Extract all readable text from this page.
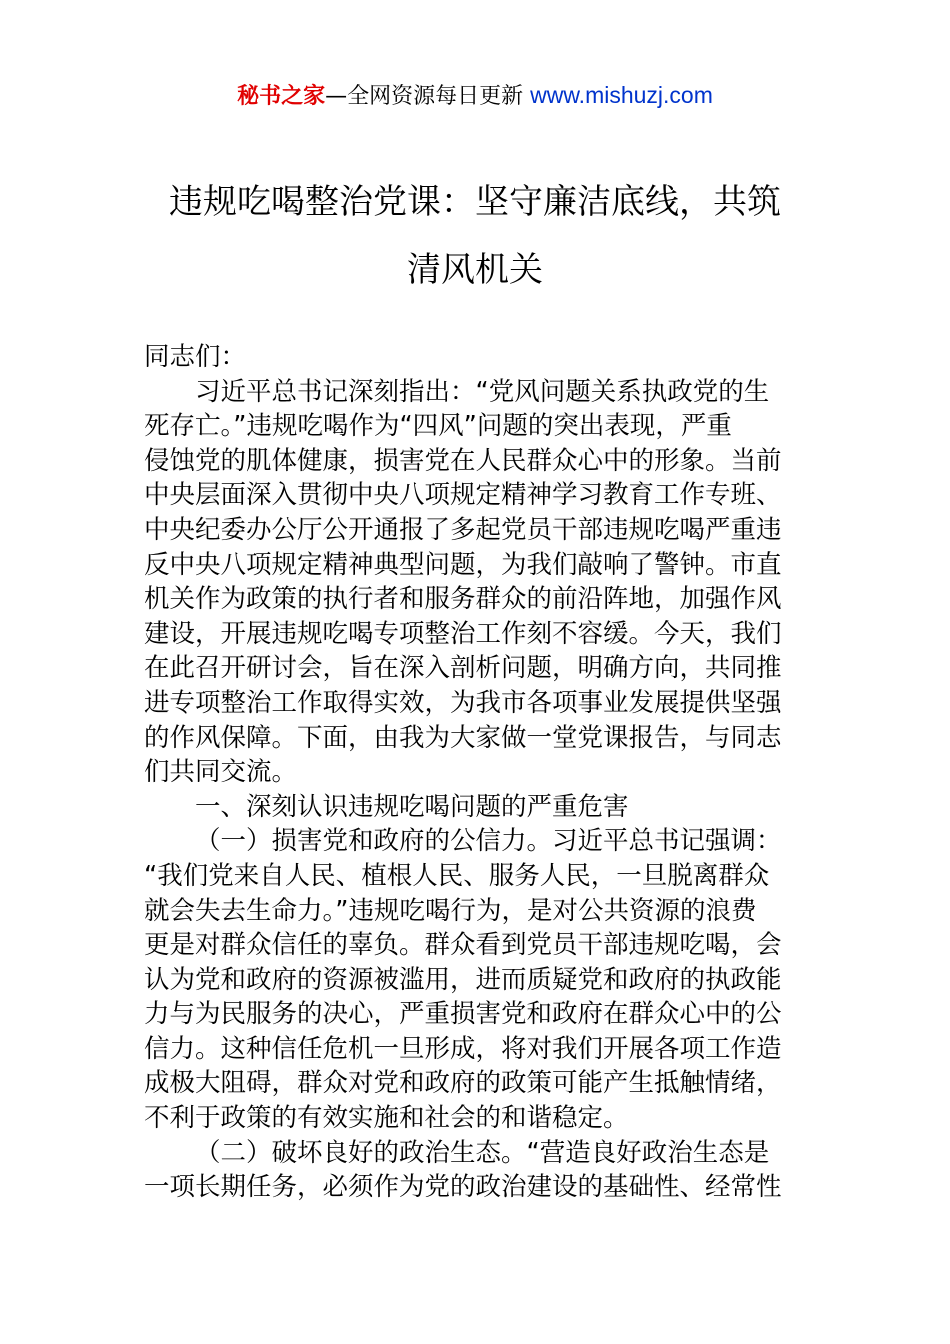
秘书之家—全网资源每日更新 www.mishuzj.com
违规吃喝整治党课：坚守廉洁底线，共筑
清风机关

同志们：

习近平总书记深刻指出：“党风问题关系执政党的生

死存亡。”违规吃喝作为“四风”问题的突出表现，严重

侵蚀党的肌体健康，损害党在人民群众心中的形象。当前

中央层面深入贯彻中央八项规定精神学习教育工作专班、

中央纪委办公厅公开通报了多起党员干部违规吃喝严重违

反中央八项规定精神典型问题，为我们敲响了警钟。市直

机关作为政策的执行者和服务群众的前沿阵地，加强作风

建设，开展违规吃喝专项整治工作刻不容缓。今天，我们

在此召开研讨会，旨在深入剖析问题，明确方向，共同推

进专项整治工作取得实效，为我市各项事业发展提供坚强

的作风保障。下面，由我为大家做一堂党课报告，与同志

们共同交流。

一、深刻认识违规吃喝问题的严重危害

（一）损害党和政府的公信力。习近平总书记强调：

“我们党来自人民、植根人民、服务人民，一旦脱离群众

就会失去生命力。”违规吃喝行为，是对公共资源的浪费

更是对群众信任的辜负。群众看到党员干部违规吃喝，会

认为党和政府的资源被滥用，进而质疑党和政府的执政能

力与为民服务的决心，严重损害党和政府在群众心中的公

信力。这种信任危机一旦形成，将对我们开展各项工作造

成极大阻碍，群众对党和政府的政策可能产生抵触情绪，

不利于政策的有效实施和社会的和谐稳定。

（二）破坏良好的政治生态。“营造良好政治生态是

一项长期任务，必须作为党的政治建设的基础性、经常性
